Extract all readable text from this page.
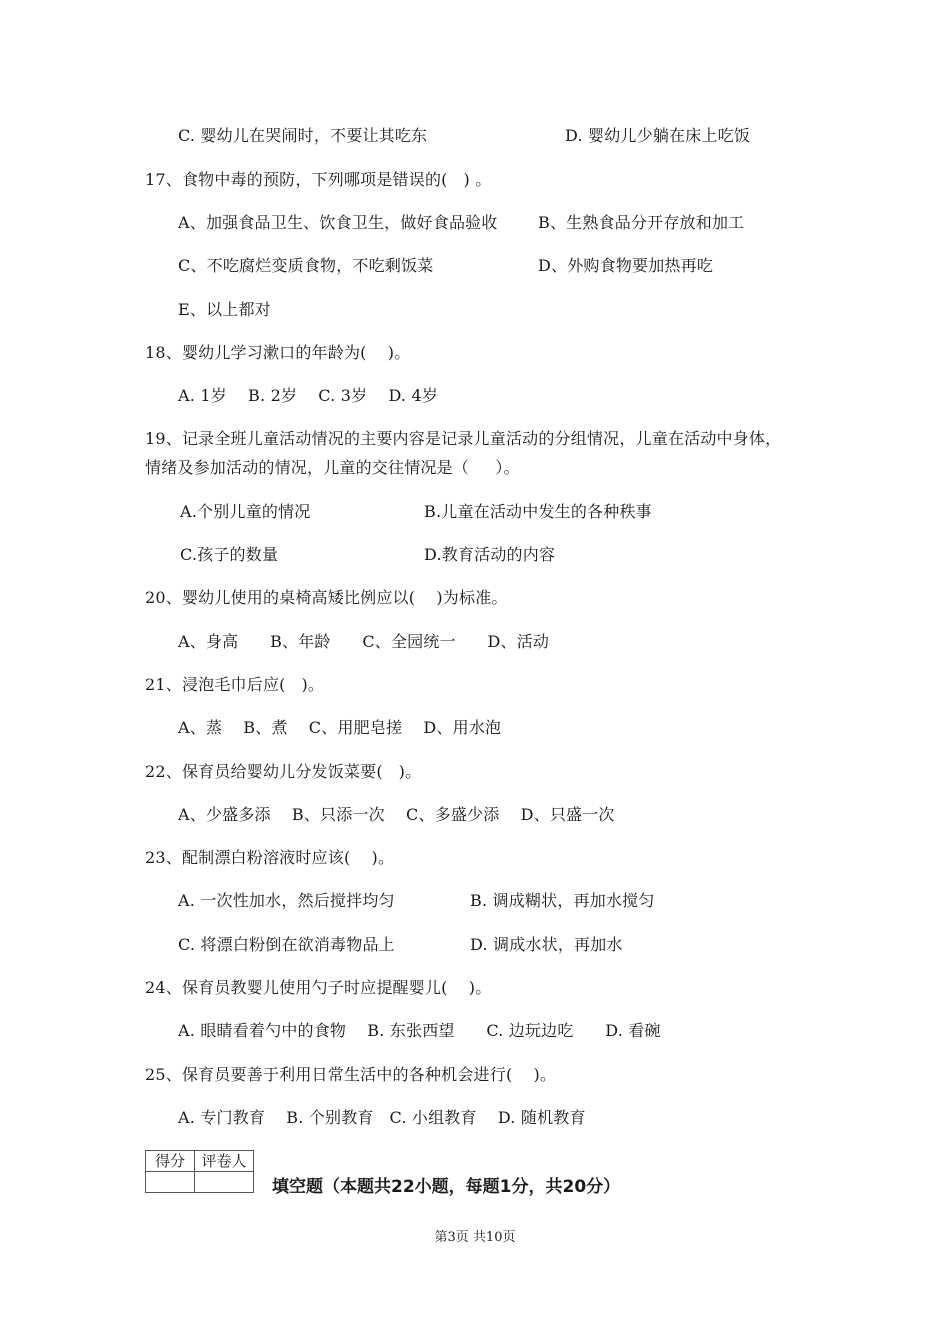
C. 婴幼儿在哭闹时，不要让其吃东	D. 婴幼儿少躺在床上吃饭
17、食物中毒的预防，下列哪项是错误的(   ) 。
A、加强食品卫生、饮食卫生，做好食品验收	B、生熟食品分开存放和加工
C、不吃腐烂变质食物，不吃剩饭菜	D、外购食物要加热再吃
E、以上都对
18、婴幼儿学习漱口的年龄为(    )。
A. 1岁    B. 2岁    C. 3岁    D. 4岁
19、记录全班儿童活动情况的主要内容是记录儿童活动的分组情况，儿童在活动中身体，
情绪及参加活动的情况，儿童的交往情况是（     ）。
A.个别儿童的情况	B.儿童在活动中发生的各种秩事
C.孩子的数量	D.教育活动的内容
20、婴幼儿使用的桌椅高矮比例应以(    )为标准。
A、身高      B、年龄      C、全园统一      D、活动
21、浸泡毛巾后应(   )。
A、蒸    B、煮    C、用肥皂搓    D、用水泡
22、保育员给婴幼儿分发饭菜要(   )。
A、少盛多添    B、只添一次    C、多盛少添    D、只盛一次
23、配制漂白粉溶液时应该(    )。
A. 一次性加水，然后搅拌均匀	B. 调成糊状，再加水搅匀
C. 将漂白粉倒在欲消毒物品上	D. 调成水状，再加水
24、保育员教婴儿使用勺子时应提醒婴儿(    )。
A. 眼睛看着勺中的食物    B. 东张西望      C. 边玩边吃      D. 看碗
25、保育员要善于利用日常生活中的各种机会进行(    )。
A. 专门教育    B. 个别教育   C. 小组教育    D. 随机教育
得分	评卷人

填空题（本题共22小题，每题1分，共20分）
第3页 共10页
